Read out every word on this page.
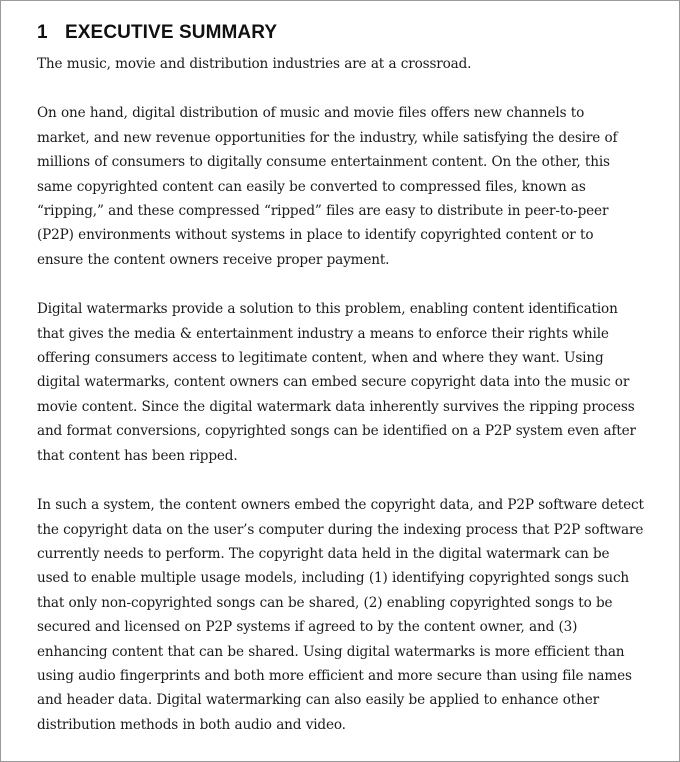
1 EXECUTIVE SUMMARY

The music, movie and distribution industries are at a crossroad.

On one hand, digital distribution of music and movie files offers new channels to
market, and new revenue opportunities for the industry, while satisfying the desire of
millions of consumers to digitally consume entertainment content. On the other, this
same copyrighted content can easily be converted to compressed files, known as
“ripping,” and these compressed “ripped” files are easy to distribute in peer-to-peer
(P2P) environments without systems in place to identify copyrighted content or to
ensure the content owners receive proper payment.

Digital watermarks provide a solution to this problem, enabling content identification
that gives the media & entertainment industry a means to enforce their rights while
offering consumers access to legitimate content, when and where they want. Using
digital watermarks, content owners can embed secure copyright data into the music or
movie content. Since the digital watermark data inherently survives the ripping process
and format conversions, copyrighted songs can be identified on a P2P system even after
that content has been ripped.

In such a system, the content owners embed the copyright data, and P2P software detect
the copyright data on the user’s computer during the indexing process that P2P software
currently needs to perform. The copyright data held in the digital watermark can be
used to enable multiple usage models, including (1) identifying copyrighted songs such
that only non-copyrighted songs can be shared, (2) enabling copyrighted songs to be
secured and licensed on P2P systems if agreed to by the content owner, and (3)
enhancing content that can be shared. Using digital watermarks is more efficient than
using audio fingerprints and both more efficient and more secure than using file names
and header data. Digital watermarking can also easily be applied to enhance other
distribution methods in both audio and video.
